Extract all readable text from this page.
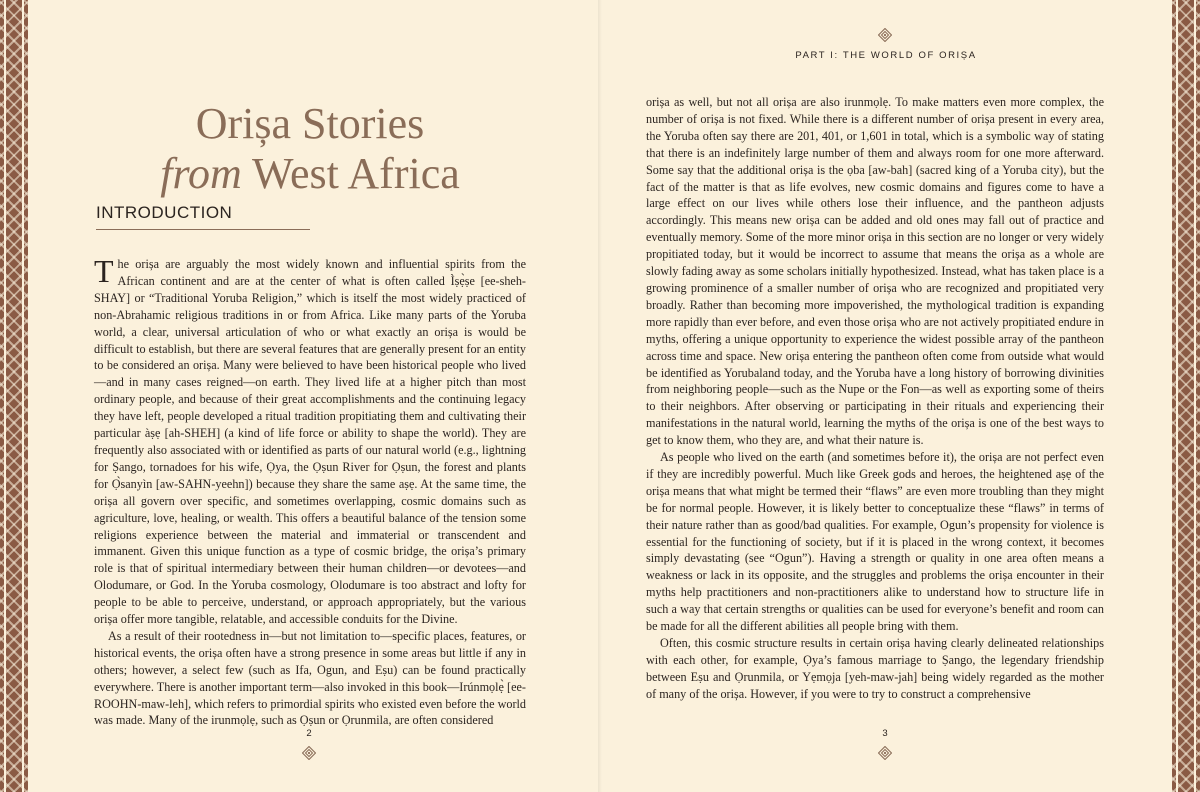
Orișa Stories
from West Africa
INTRODUCTION

The orișa are arguably the most widely known and influential spirits from the African continent and are at the center of what is often called Ìṣẹ̀ṣe [ee-sheh-SHAY] or “Traditional Yoruba Religion,” which is itself the most widely practiced of non-Abrahamic religious traditions in or from Africa. Like many parts of the Yoruba world, a clear, universal articulation of who or what exactly an orișa is would be difficult to establish, but there are several features that are generally present for an entity to be considered an orișa. Many were believed to have been historical people who lived—and in many cases reigned—on earth. They lived life at a higher pitch than most ordinary people, and because of their great accomplishments and the continuing legacy they have left, people developed a ritual tradition propitiating them and cultivating their particular àṣẹ [ah-SHEH] (a kind of life force or ability to shape the world). They are frequently also associated with or identified as parts of our natural world (e.g., lightning for Ṣango, tornadoes for his wife, Ọya, the Ọṣun River for Ọṣun, the forest and plants for Ọ̀sanyìn [aw-SAHN-yeehn]) because they share the same aṣẹ. At the same time, the orișa all govern over specific, and sometimes overlapping, cosmic domains such as agriculture, love, healing, or wealth. This offers a beautiful balance of the tension some religions experience between the material and immaterial or transcendent and immanent. Given this unique function as a type of cosmic bridge, the orișa’s primary role is that of spiritual intermediary between their human children—or devotees—and Olodumare, or God. In the Yoruba cosmology, Olodumare is too abstract and lofty for people to be able to perceive, understand, or approach appropriately, but the various orișa offer more tangible, relatable, and accessible conduits for the Divine.

As a result of their rootedness in—but not limitation to—specific places, features, or historical events, the orișa often have a strong presence in some areas but little if any in others; however, a select few (such as Ifa, Ogun, and Eṣu) can be found practically everywhere. There is another important term—also invoked in this book—Irúnmọlẹ̀ [ee-ROOHN-maw-leh], which refers to primordial spirits who existed even before the world was made. Many of the irunmọlẹ, such as Ọṣun or Ọrunmila, are often considered

2
PART I: THE WORLD OF ORIȘA

orișa as well, but not all orișa are also irunmọlẹ. To make matters even more complex, the number of orișa is not fixed. While there is a different number of orișa present in every area, the Yoruba often say there are 201, 401, or 1,601 in total, which is a symbolic way of stating that there is an indefinitely large number of them and always room for one more afterward. Some say that the additional orișa is the ọba [aw-bah] (sacred king of a Yoruba city), but the fact of the matter is that as life evolves, new cosmic domains and figures come to have a large effect on our lives while others lose their influence, and the pantheon adjusts accordingly. This means new orișa can be added and old ones may fall out of practice and eventually memory. Some of the more minor orișa in this section are no longer or very widely propitiated today, but it would be incorrect to assume that means the orișa as a whole are slowly fading away as some scholars initially hypothesized. Instead, what has taken place is a growing prominence of a smaller number of orișa who are recognized and propitiated very broadly. Rather than becoming more impoverished, the mythological tradition is expanding more rapidly than ever before, and even those orișa who are not actively propitiated endure in myths, offering a unique opportunity to experience the widest possible array of the pantheon across time and space. New orișa entering the pantheon often come from outside what would be identified as Yorubaland today, and the Yoruba have a long history of borrowing divinities from neighboring people—such as the Nupe or the Fon—as well as exporting some of theirs to their neighbors. After observing or participating in their rituals and experiencing their manifestations in the natural world, learning the myths of the orișa is one of the best ways to get to know them, who they are, and what their nature is.

As people who lived on the earth (and sometimes before it), the orișa are not perfect even if they are incredibly powerful. Much like Greek gods and heroes, the heightened aṣẹ of the orișa means that what might be termed their “flaws” are even more troubling than they might be for normal people. However, it is likely better to conceptualize these “flaws” in terms of their nature rather than as good/bad qualities. For example, Ogun’s propensity for violence is essential for the functioning of society, but if it is placed in the wrong context, it becomes simply devastating (see “Ogun”). Having a strength or quality in one area often means a weakness or lack in its opposite, and the struggles and problems the orișa encounter in their myths help practitioners and non-practitioners alike to understand how to structure life in such a way that certain strengths or qualities can be used for everyone’s benefit and room can be made for all the different abilities all people bring with them.

Often, this cosmic structure results in certain orișa having clearly delineated relationships with each other, for example, Ọya’s famous marriage to Ṣango, the legendary friendship between Eṣu and Ọrunmila, or Yẹmọja [yeh-maw-jah] being widely regarded as the mother of many of the orișa. However, if you were to try to construct a comprehensive

3
